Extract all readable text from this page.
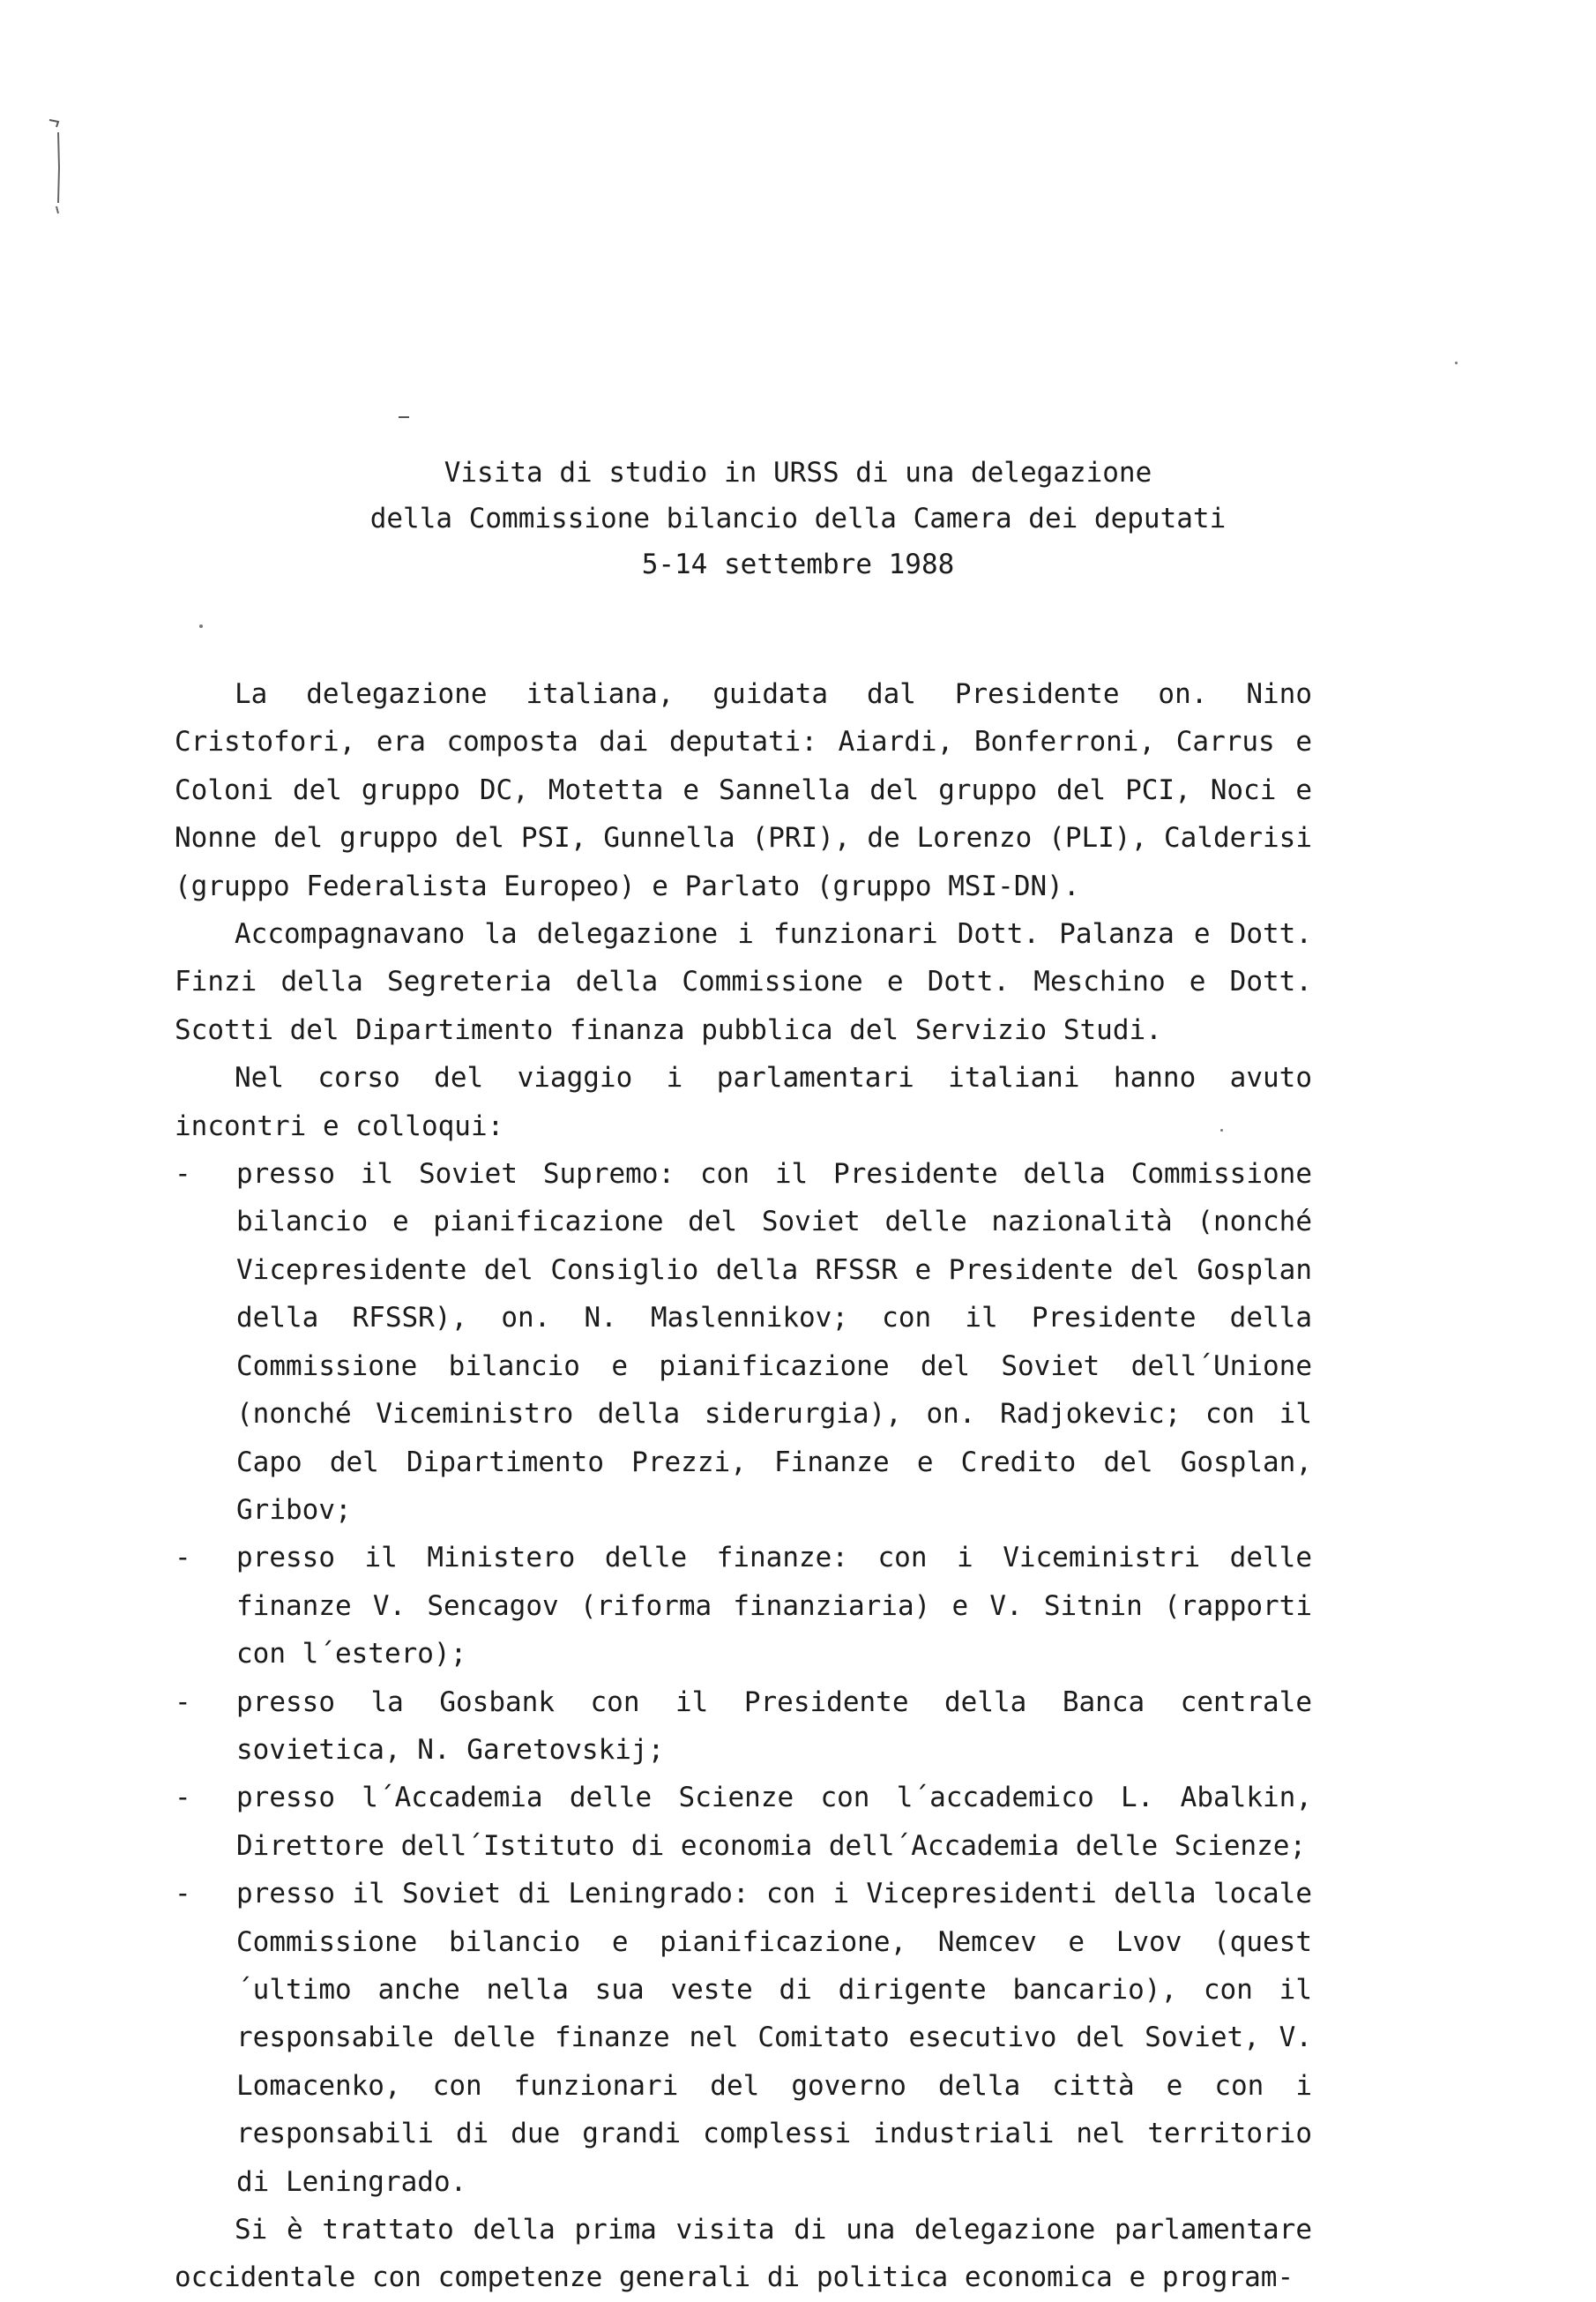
Visita di studio in URSS di una delegazione
della Commissione bilancio della Camera dei deputati
5-14 settembre 1988

La delegazione italiana, guidata dal Presidente on. Nino Cristofori, era composta dai deputati: Aiardi, Bonferroni, Carrus e Coloni del gruppo DC, Motetta e Sannella del gruppo del PCI, Noci e Nonne del gruppo del PSI, Gunnella (PRI), de Lorenzo (PLI), Calderisi (gruppo Federalista Europeo) e Parlato (gruppo MSI-DN).

Accompagnavano la delegazione i funzionari Dott. Palanza e Dott. Finzi della Segreteria della Commissione e Dott. Meschino e Dott. Scotti del Dipartimento finanza pubblica del Servizio Studi.

Nel corso del viaggio i parlamentari italiani hanno avuto incontri e colloqui:

- presso il Soviet Supremo: con il Presidente della Commissione bilancio e pianificazione del Soviet delle nazionalità (nonché Vicepresidente del Consiglio della RFSSR e Presidente del Gosplan della RFSSR), on. N. Maslennikov; con il Presidente della Commissione bilancio e pianificazione del Soviet dell´Unione (nonché Viceministro della siderurgia), on. Radjokevic; con il Capo del Dipartimento Prezzi, Finanze e Credito del Gosplan, Gribov;
- presso il Ministero delle finanze: con i Viceministri delle finanze V. Sencagov (riforma finanziaria) e V. Sitnin (rapporti con l´estero);
- presso la Gosbank con il Presidente della Banca centrale sovietica, N. Garetovskij;
- presso l´Accademia delle Scienze con l´accademico L. Abalkin, Direttore dell´Istituto di economia dell´Accademia delle Scienze;
- presso il Soviet di Leningrado: con i Vicepresidenti della locale Commissione bilancio e pianificazione, Nemcev e Lvov (quest´ultimo anche nella sua veste di dirigente bancario), con il responsabile delle finanze nel Comitato esecutivo del Soviet, V. Lomacenko, con funzionari del governo della città e con i responsabili di due grandi complessi industriali nel territorio di Leningrado.

Si è trattato della prima visita di una delegazione parlamentare occidentale con competenze generali di politica economica e program-
